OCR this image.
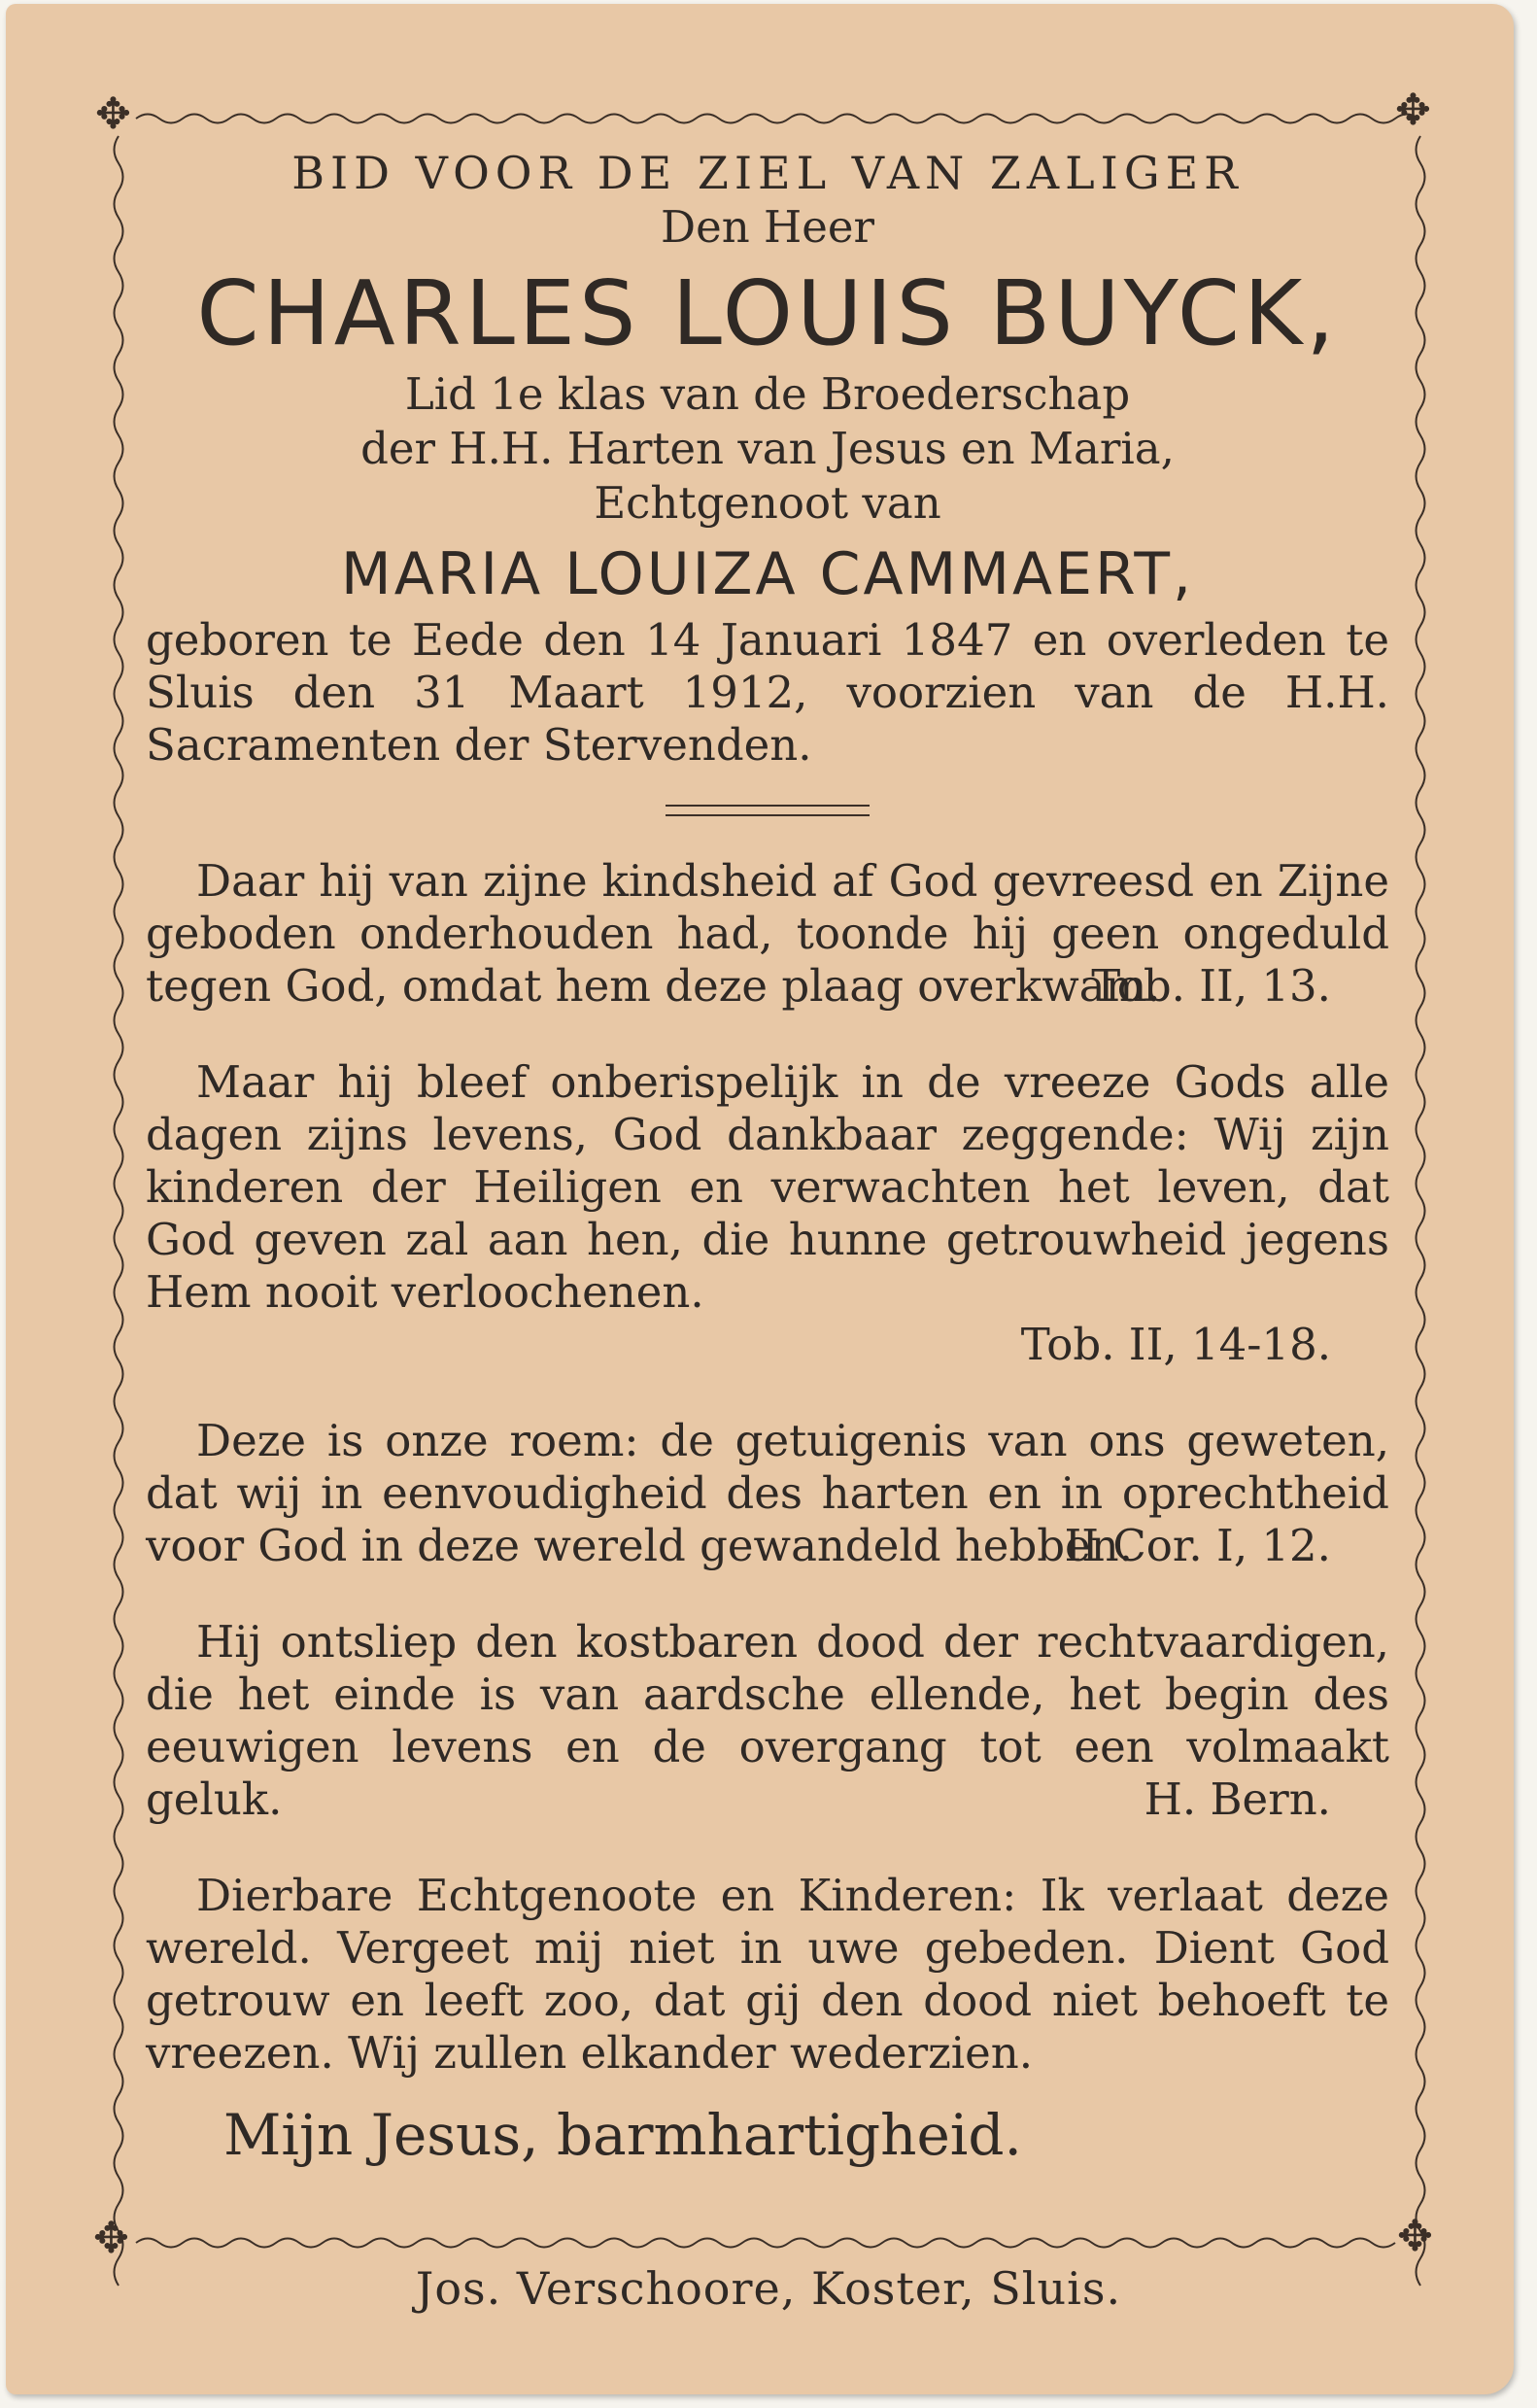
✥	✥
✥	✥

BID VOOR DE ZIEL VAN ZALIGER

Den Heer

CHARLES LOUIS BUYCK,

Lid 1e klas van de Broederschap

der H.H. Harten van Jesus en Maria,

Echtgenoot van

MARIA LOUIZA CAMMAERT,

geboren te Eede den 14 Januari 1847 en overleden te Sluis den 31 Maart 1912, voorzien van de H.H. Sacramenten der Stervenden.

Daar hij van zijne kindsheid af God gevreesd en Zijne geboden onderhouden had, toonde hij geen ongeduld tegen God, omdat hem deze plaag overkwam.

Tob. II, 13.

Maar hij bleef onberispelijk in de vreeze Gods alle dagen zijns levens, God dankbaar zeggende: Wij zijn kinderen der Heiligen en verwachten het leven, dat God geven zal aan hen, die hunne getrouwheid jegens Hem nooit verloochenen.

Tob. II, 14-18.

Deze is onze roem: de getuigenis van ons geweten, dat wij in eenvoudigheid des harten en in oprechtheid voor God in deze wereld gewandeld hebben.

II Cor. I, 12.

Hij ontsliep den kostbaren dood der rechtvaardigen, die het einde is van aardsche ellende, het begin des eeuwigen levens en de overgang tot een volmaakt geluk.	H. Bern.

Dierbare Echtgenoote en Kinderen: Ik verlaat deze wereld. Vergeet mij niet in uwe gebeden. Dient God getrouw en leeft zoo, dat gij den dood niet behoeft te vreezen. Wij zullen elkander wederzien.

Mijn Jesus, barmhartigheid.

Jos. Verschoore, Koster, Sluis.
